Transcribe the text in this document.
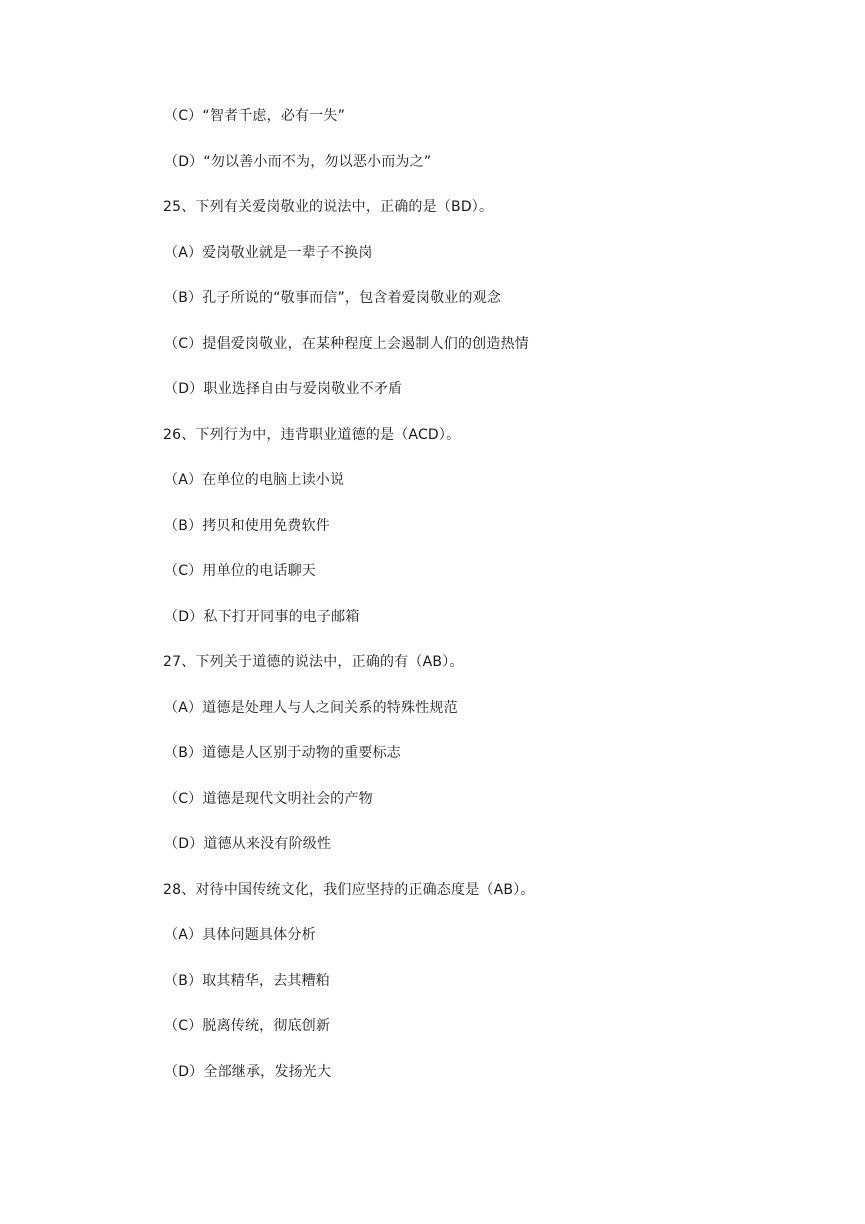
（C）“智者千虑，必有一失”
（D）“勿以善小而不为，勿以恶小而为之”
25、下列有关爱岗敬业的说法中，正确的是（BD）。
（A）爱岗敬业就是一辈子不换岗
（B）孔子所说的“敬事而信”，包含着爱岗敬业的观念
（C）提倡爱岗敬业，在某种程度上会遏制人们的创造热情
（D）职业选择自由与爱岗敬业不矛盾
26、下列行为中，违背职业道德的是（ACD）。
（A）在单位的电脑上读小说
（B）拷贝和使用免费软件
（C）用单位的电话聊天
（D）私下打开同事的电子邮箱
27、下列关于道德的说法中，正确的有（AB）。
（A）道德是处理人与人之间关系的特殊性规范
（B）道德是人区别于动物的重要标志
（C）道德是现代文明社会的产物
（D）道德从来没有阶级性
28、对待中国传统文化，我们应坚持的正确态度是（AB）。
（A）具体问题具体分析
（B）取其精华，去其糟粕
（C）脱离传统，彻底创新
（D）全部继承，发扬光大
